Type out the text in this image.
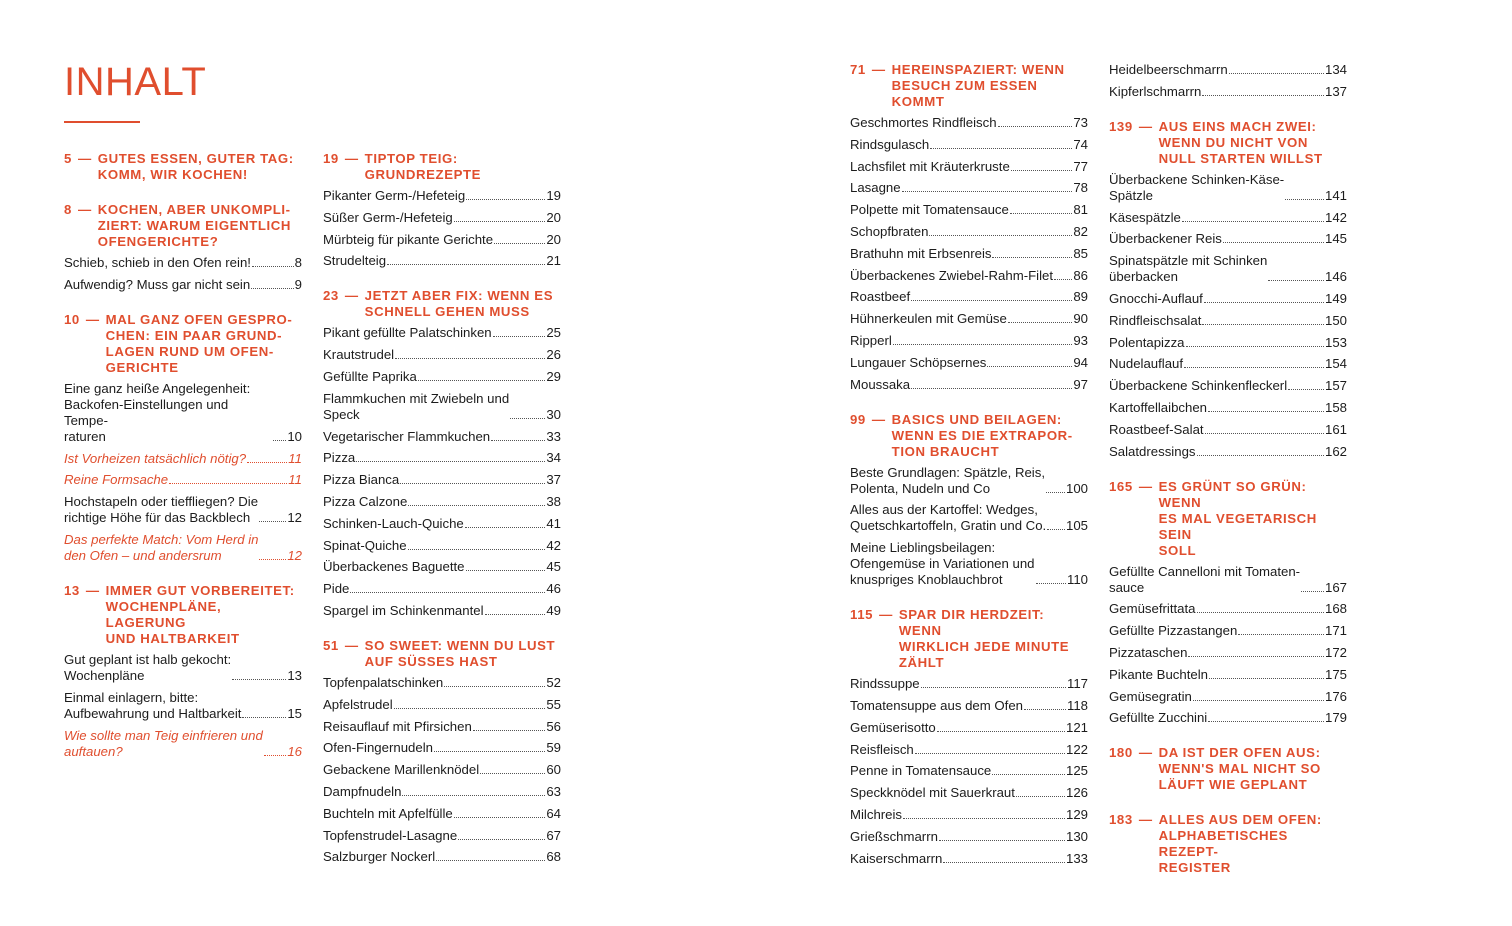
INHALT
5 — GUTES ESSEN, GUTER TAG:
KOMM, WIR KOCHEN!
8 — KOCHEN, ABER UNKOMPLI-
ZIERT: WARUM EIGENTLICH
OFENGERICHTE?
Schieb, schieb in den Ofen rein!	8
Aufwendig? Muss gar nicht sein	9
10 — MAL GANZ OFEN GESPRO-
CHEN: EIN PAAR GRUND-
LAGEN RUND UM OFEN-
GERICHTE
Eine ganz heiße Angelegenheit:
Backofen-Einstellungen und Tempe-
raturen	10
Ist Vorheizen tatsächlich nötig?	11
Reine Formsache	11
Hochstapeln oder tieffliegen? Die
richtige Höhe für das Backblech	12
Das perfekte Match: Vom Herd in
den Ofen – und andersrum	12
13 — IMMER GUT VORBEREITET:
WOCHENPLÄNE, LAGERUNG
UND HALTBARKEIT
Gut geplant ist halb gekocht:
Wochenpläne	13
Einmal einlagern, bitte:
Aufbewahrung und Haltbarkeit	15
Wie sollte man Teig einfrieren und
auftauen?	16
19 — TIPTOP TEIG: GRUNDREZEPTE
Pikanter Germ-/Hefeteig	19
Süßer Germ-/Hefeteig	20
Mürbteig für pikante Gerichte	20
Strudelteig	21
23 — JETZT ABER FIX: WENN ES
SCHNELL GEHEN MUSS
Pikant gefüllte Palatschinken	25
Krautstrudel	26
Gefüllte Paprika	29
Flammkuchen mit Zwiebeln und
Speck	30
Vegetarischer Flammkuchen	33
Pizza	34
Pizza Bianca	37
Pizza Calzone	38
Schinken-Lauch-Quiche	41
Spinat-Quiche	42
Überbackenes Baguette	45
Pide	46
Spargel im Schinkenmantel	49
51 — SO SWEET: WENN DU LUST
AUF SÜSSES HAST
Topfenpalatschinken	52
Apfelstrudel	55
Reisauflauf mit Pfirsichen	56
Ofen-Fingernudeln	59
Gebackene Marillenknödel	60
Dampfnudeln	63
Buchteln mit Apfelfülle	64
Topfenstrudel-Lasagne	67
Salzburger Nockerl	68
71 — HEREINSPAZIERT: WENN
BESUCH ZUM ESSEN KOMMT
Geschmortes Rindfleisch	73
Rindsgulasch	74
Lachsfilet mit Kräuterkruste	77
Lasagne	78
Polpette mit Tomatensauce	81
Schopfbraten	82
Brathuhn mit Erbsenreis	85
Überbackenes Zwiebel-Rahm-Filet 86
Roastbeef	89
Hühnerkeulen mit Gemüse	90
Ripperl	93
Lungauer Schöpsernes	94
Moussaka	97
99 — BASICS UND BEILAGEN:
WENN ES DIE EXTRAPOR-
TION BRAUCHT
Beste Grundlagen: Spätzle, Reis,
Polenta, Nudeln und Co	100
Alles aus der Kartoffel: Wedges,
Quetschkartoffeln, Gratin und Co. 105
Meine Lieblingsbeilagen:
Ofengemüse in Variationen und
knuspriges Knoblauchbrot	110
115 — SPAR DIR HERDZEIT: WENN
WIRKLICH JEDE MINUTE
ZÄHLT
Rindssuppe	117
Tomatensuppe aus dem Ofen	118
Gemüserisotto	121
Reisfleisch	122
Penne in Tomatensauce	125
Speckknödel mit Sauerkraut	126
Milchreis	129
Grießschmarrn	130
Kaiserschmarrn	133
Heidelbeerschmarrn	134
Kipferlschmarrn	137
139 — AUS EINS MACH ZWEI:
WENN DU NICHT VON
NULL STARTEN WILLST
Überbackene Schinken-Käse-
Spätzle	141
Käsespätzle	142
Überbackener Reis	145
Spinatspätzle mit Schinken
überbacken	146
Gnocchi-Auflauf	149
Rindfleischsalat	150
Polentapizza	153
Nudelauflauf	154
Überbackene Schinkenfleckerl	157
Kartoffellaibchen	158
Roastbeef-Salat	161
Salatdressings	162
165 — ES GRÜNT SO GRÜN: WENN
ES MAL VEGETARISCH SEIN
SOLL
Gefüllte Cannelloni mit Tomaten-
sauce	167
Gemüsefrittata	168
Gefüllte Pizzastangen	171
Pizzataschen	172
Pikante Buchteln	175
Gemüsegratin	176
Gefüllte Zucchini	179
180 — DA IST DER OFEN AUS:
WENN'S MAL NICHT SO
LÄUFT WIE GEPLANT
183 — ALLES AUS DEM OFEN:
ALPHABETISCHES REZEPT-
REGISTER
